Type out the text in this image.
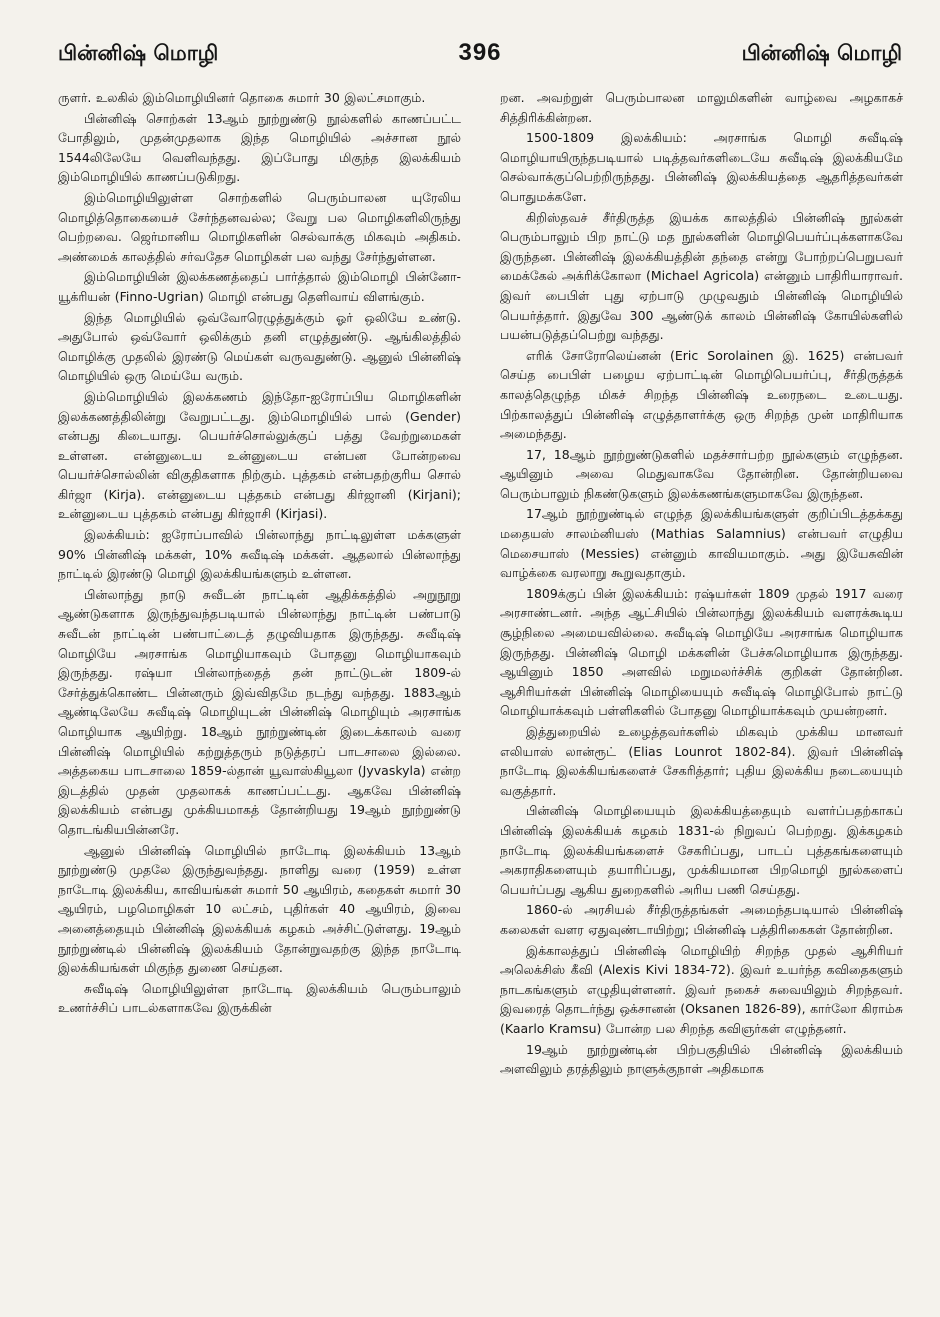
பின்னிஷ் மொழி	396	பின்னிஷ் மொழி

ருளர். உலகில் இம்மொழியினர் தொகை சுமார் 30 இலட்சமாகும்.

பின்னிஷ் சொற்கள் 13ஆம் நூற்றுண்டு நூல்களில் காணப்பட்ட போதிலும், முதன்முதலாக இந்த மொழியில் அச்சான நூல் 1544லிலேயே வெளிவந்தது. இப்போது மிகுந்த இலக்கியம் இம்மொழியில் காணப்படுகிறது.

இம்மொழியிலுள்ள சொற்களில் பெரும்பாலன யுரேலிய மொழித்தொகையைச் சேர்ந்தனவல்ல; வேறு பல மொழிகளிலிருந்து பெற்றவை. ஜெர்மானிய மொழிகளின் செல்வாக்கு மிகவும் அதிகம். அண்மைக் காலத்தில் சர்வதேச மொழிகள் பல வந்து சேர்ந்துள்ளன.

இம்மொழியின் இலக்கணத்தைப் பார்த்தால் இம்மொழி பின்னோ-யூக்ரியன் (Finno-Ugrian) மொழி என்பது தெளிவாய் விளங்கும்.

இந்த மொழியில் ஒவ்வோரெழுத்துக்கும் ஓர் ஒலியே உண்டு. அதுபோல் ஒவ்வோர் ஒலிக்கும் தனி எழுத்துண்டு. ஆங்கிலத்தில் மொழிக்கு முதலில் இரண்டு மெய்கள் வருவதுண்டு. ஆனுல் பின்னிஷ் மொழியில் ஒரு மெய்யே வரும்.

இம்மொழியில் இலக்கணம் இந்தோ-ஐரோப்பிய மொழிகளின் இலக்கணத்திலின்று வேறுபட்டது. இம்மொழியில் பால் (Gender) என்பது கிடையாது. பெயர்ச்சொல்லுக்குப் பத்து வேற்றுமைகள் உள்ளன. என்னுடைய உன்னுடைய என்பன போன்றவை பெயர்ச்சொல்லின் விகுதிகளாக நிற்கும். புத்தகம் என்பதற்குரிய சொல் கிர்ஜா (Kirja). என்னுடைய புத்தகம் என்பது கிர்ஜானி (Kirjani); உன்னுடைய புத்தகம் என்பது கிர்ஜாசி (Kirjasi).

இலக்கியம்: ஐரோப்பாவில் பின்லாந்து நாட்டிலுள்ள மக்களுள் 90% பின்னிஷ் மக்கள், 10% சுவீடிஷ் மக்கள். ஆதலால் பின்லாந்து நாட்டில் இரண்டு மொழி இலக்கியங்களும் உள்ளன.

பின்லாந்து நாடு சுவீடன் நாட்டின் ஆதிக்கத்தில் அறுநூறு ஆண்டுகளாக இருந்துவந்தபடியால் பின்லாந்து நாட்டின் பண்பாடு சுவீடன் நாட்டின் பண்பாட்டைத் தழுவியதாக இருந்தது. சுவீடிஷ் மொழியே அரசாங்க மொழியாகவும் போதனு மொழியாகவும் இருந்தது. ரஷ்யா பின்லாந்தைத் தன் நாட்டுடன் 1809-ல் சேர்த்துக்கொண்ட பின்னரும் இவ்விதமே நடந்து வந்தது. 1883ஆம் ஆண்டிலேயே சுவீடிஷ் மொழியுடன் பின்னிஷ் மொழியும் அரசாங்க மொழியாக ஆயிற்று. 18ஆம் நூற்றுண்டின் இடைக்காலம் வரை பின்னிஷ் மொழியில் கற்றுத்தரும் நடுத்தரப் பாடசாலை இல்லை. அத்தகைய பாடசாலை 1859-ல்தான் யூவாஸ்கியூலா (Jyvaskyla) என்ற இடத்தில் முதன் முதலாகக் காணப்பட்டது. ஆகவே பின்னிஷ் இலக்கியம் என்பது முக்கியமாகத் தோன்றியது 19ஆம் நூற்றுண்டு தொடங்கியபின்னரே.

ஆனுல் பின்னிஷ் மொழியில் நாடோடி இலக்கியம் 13ஆம் நூற்றுண்டு முதலே இருந்துவந்தது. நாளிது வரை (1959) உள்ள நாடோடி இலக்கிய, காவியங்கள் சுமார் 50 ஆயிரம், கதைகள் சுமார் 30 ஆயிரம், பழமொழிகள் 10 லட்சம், புதிர்கள் 40 ஆயிரம், இவை அனைத்தையும் பின்னிஷ் இலக்கியக் கழகம் அச்சிட்டுள்ளது. 19ஆம் நூற்றுண்டில் பின்னிஷ் இலக்கியம் தோன்றுவதற்கு இந்த நாடோடி இலக்கியங்கள் மிகுந்த துணை செய்தன.

சுவீடிஷ் மொழியிலுள்ள நாடோடி இலக்கியம் பெரும்பாலும் உணர்ச்சிப் பாடல்களாகவே இருக்கின்

றன. அவற்றுள் பெரும்பாலன மாலுமிகளின் வாழ்வை அழகாகச் சித்திரிக்கின்றன.

1500-1809 இலக்கியம்: அரசாங்க மொழி சுவீடிஷ் மொழியாயிருந்தபடியால் படித்தவர்களிடையே சுவீடிஷ் இலக்கியமே செல்வாக்குப்பெற்றிருந்தது. பின்னிஷ் இலக்கியத்தை ஆதரித்தவர்கள் பொதுமக்களே.

கிறிஸ்தவச் சீர்திருத்த இயக்க காலத்தில் பின்னிஷ் நூல்கள் பெரும்பாலும் பிற நாட்டு மத நூல்களின் மொழிபெயர்ப்புக்களாகவே இருந்தன. பின்னிஷ் இலக்கியத்தின் தந்தை என்று போற்றப்பெறுபவர் மைக்கேல் அக்ரிக்கோலா (Michael Agricola) என்னும் பாதிரியாராவர். இவர் பைபிள் புது ஏற்பாடு முழுவதும் பின்னிஷ் மொழியில் பெயர்த்தார். இதுவே 300 ஆண்டுக் காலம் பின்னிஷ் கோயில்களில் பயன்படுத்தப்பெற்று வந்தது.

எரிக் சோரோலெய்னன் (Eric Sorolainen இ. 1625) என்பவர் செய்த பைபிள் பழைய ஏற்பாட்டின் மொழிபெயர்ப்பு, சீர்திருத்தக் காலத்தெழுந்த மிகச் சிறந்த பின்னிஷ் உரைநடை உடையது. பிற்காலத்துப் பின்னிஷ் எழுத்தாளர்க்கு ஒரு சிறந்த முன் மாதிரியாக அமைந்தது.

17, 18ஆம் நூற்றுண்டுகளில் மதச்சார்பற்ற நூல்களும் எழுந்தன. ஆயினும் அவை மெதுவாகவே தோன்றின. தோன்றியவை பெரும்பாலும் நிகண்டுகளும் இலக்கணங்களுமாகவே இருந்தன.

17ஆம் நூற்றுண்டில் எழுந்த இலக்கியங்களுள் குறிப்பிடத்தக்கது மதையஸ் சாலம்னியஸ் (Mathias Salamnius) என்பவர் எழுதிய மெசையாஸ் (Messies) என்னும் காவியமாகும். அது இயேசுவின் வாழ்க்கை வரலாறு கூறுவதாகும்.

1809க்குப் பின் இலக்கியம்: ரஷ்யர்கள் 1809 முதல் 1917 வரை அரசாண்டனர். அந்த ஆட்சியில் பின்லாந்து இலக்கியம் வளரக்கூடிய சூழ்நிலை அமையவில்லை. சுவீடிஷ் மொழியே அரசாங்க மொழியாக இருந்தது. பின்னிஷ் மொழி மக்களின் பேச்சுமொழியாக இருந்தது. ஆயினும் 1850 அளவில் மறுமலர்ச்சிக் குறிகள் தோன்றின. ஆசிரியர்கள் பின்னிஷ் மொழியையும் சுவீடிஷ் மொழிபோல் நாட்டு மொழியாக்கவும் பள்ளிகளில் போதனு மொழியாக்கவும் முயன்றனர்.

இத்துறையில் உழைத்தவர்களில் மிகவும் முக்கிய மானவர் எலியாஸ் லான்ரூட் (Elias Lounrot 1802-84). இவர் பின்னிஷ் நாடோடி இலக்கியங்களைச் சேகரித்தார்; புதிய இலக்கிய நடையையும் வகுத்தார்.

பின்னிஷ் மொழியையும் இலக்கியத்தையும் வளர்ப்பதற்காகப் பின்னிஷ் இலக்கியக் கழகம் 1831-ல் நிறுவப் பெற்றது. இக்கழகம் நாடோடி இலக்கியங்களைச் சேகரிப்பது, பாடப் புத்தகங்களையும் அகராதிகளையும் தயாரிப்பது, முக்கியமான பிறமொழி நூல்களைப் பெயர்ப்பது ஆகிய துறைகளில் அரிய பணி செய்தது.

1860-ல் அரசியல் சீர்திருத்தங்கள் அமைந்தபடியால் பின்னிஷ் கலைகள் வளர ஏதுவுண்டாயிற்று; பின்னிஷ் பத்திரிகைகள் தோன்றின.

இக்காலத்துப் பின்னிஷ் மொழியிற் சிறந்த முதல் ஆசிரியர் அலெக்சிஸ் கீவி (Alexis Kivi 1834-72). இவர் உயர்ந்த கவிதைகளும் நாடகங்களும் எழுதியுள்ளனர். இவர் நகைச் சுவையிலும் சிறந்தவர். இவரைத் தொடர்ந்து ஒக்சானன் (Oksanen 1826-89), கார்லோ கிராம்சு (Kaarlo Kramsu) போன்ற பல சிறந்த கவிஞர்கள் எழுந்தனர்.

19ஆம் நூற்றுண்டின் பிற்பகுதியில் பின்னிஷ் இலக்கியம் அளவிலும் தரத்திலும் நாளுக்குநாள் அதிகமாக
